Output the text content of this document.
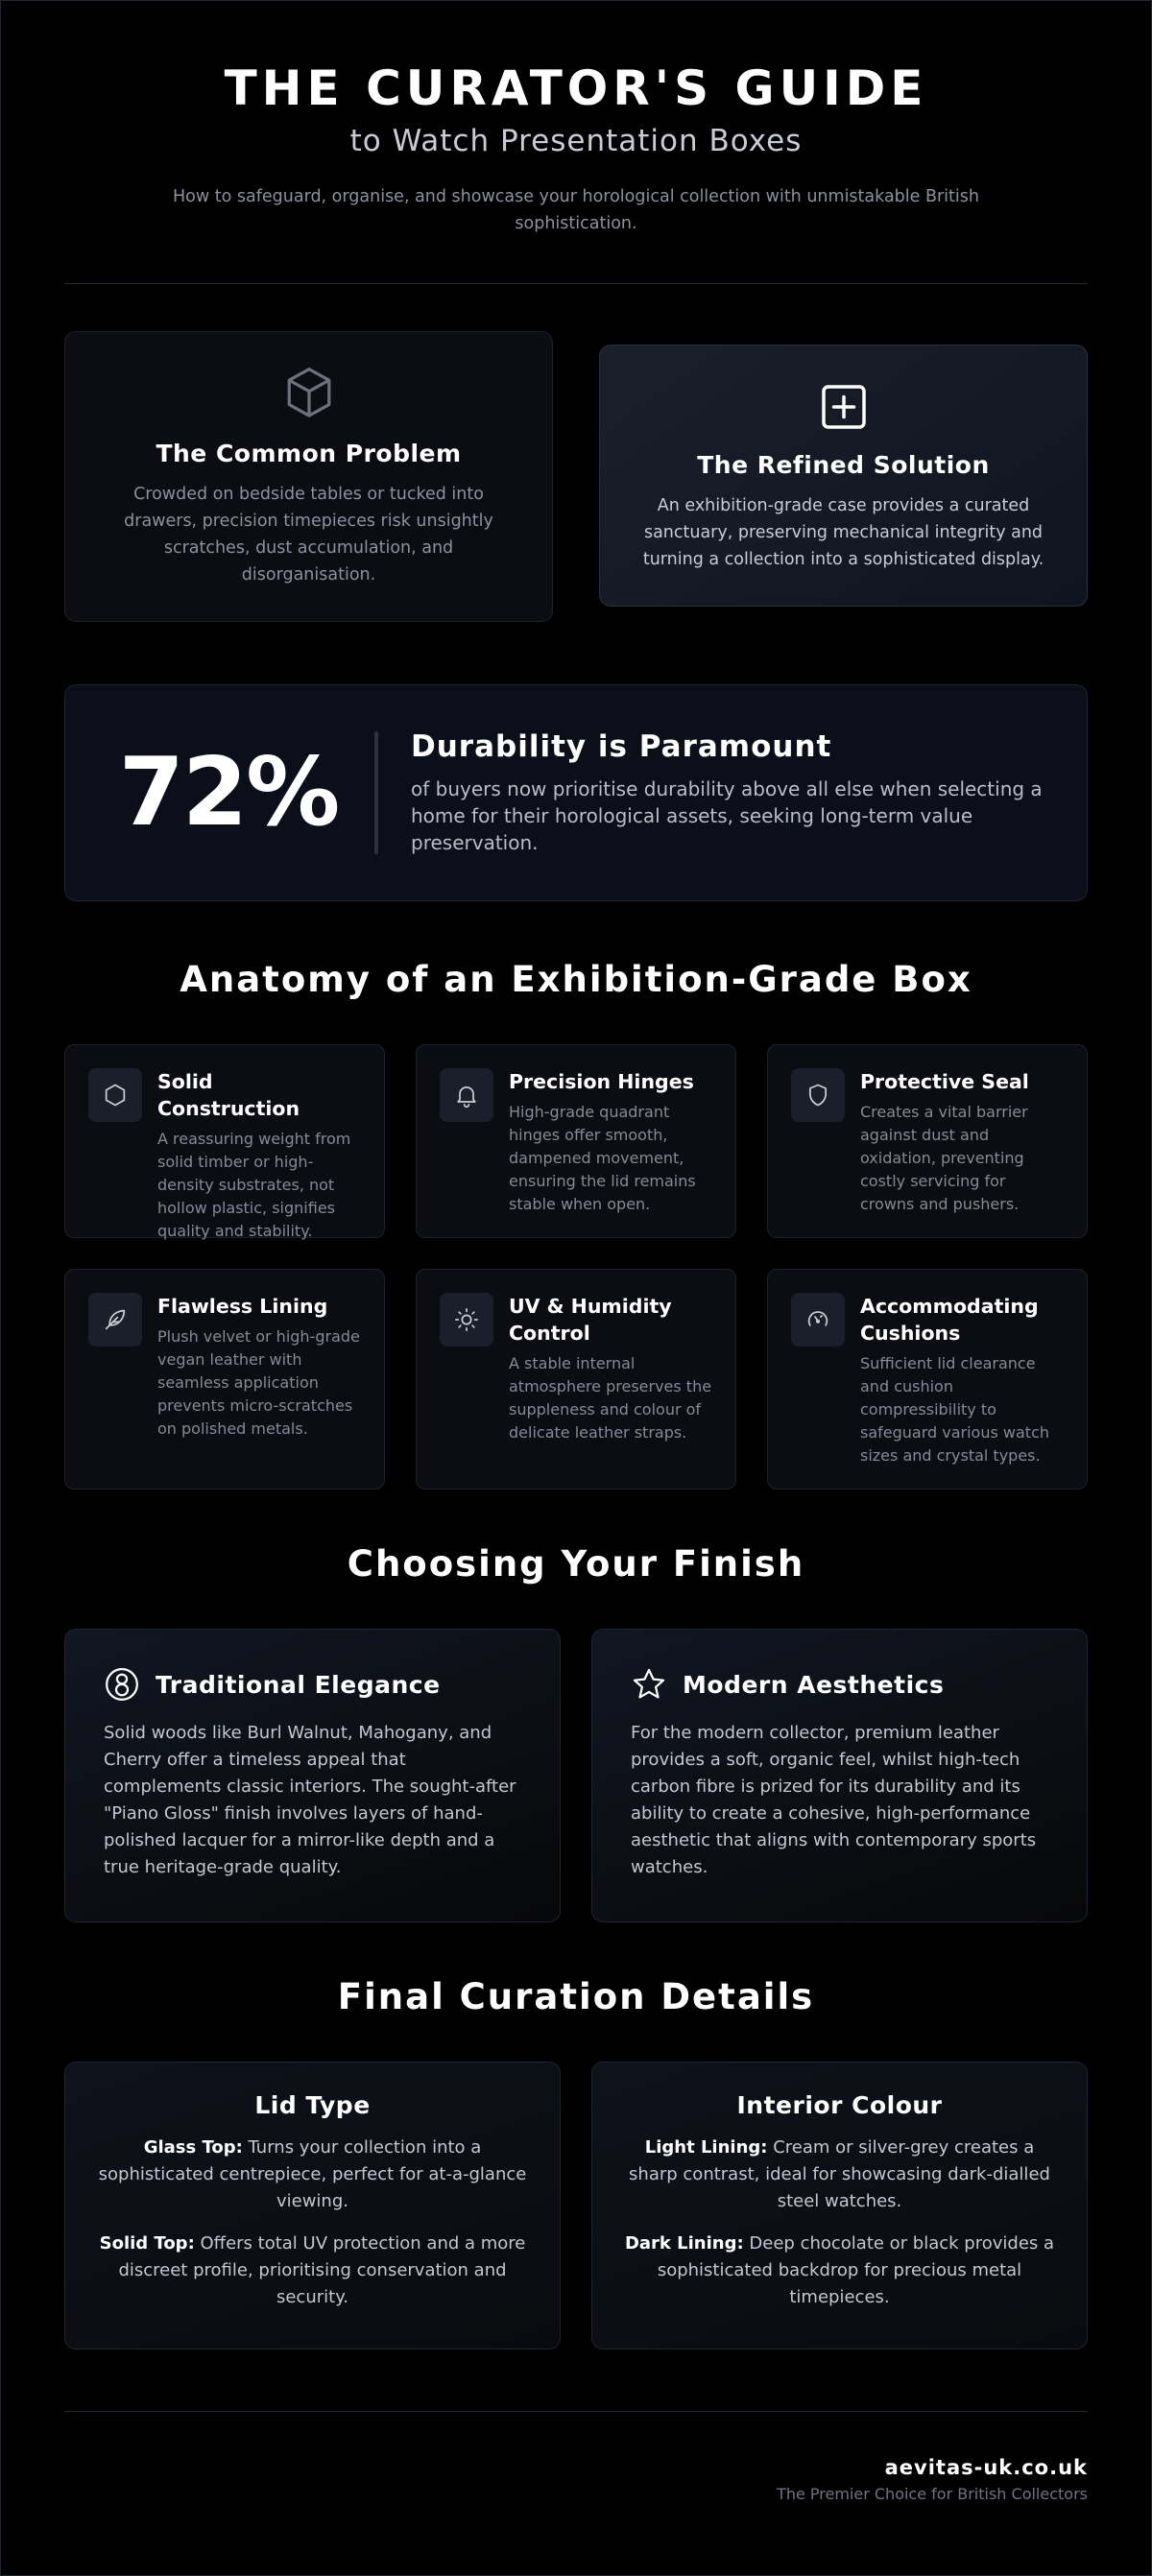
THE CURATOR'S GUIDE
to Watch Presentation Boxes

How to safeguard, organise, and showcase your horological collection with unmistakable British sophistication.

The Common Problem

Crowded on bedside tables or tucked into drawers, precision timepieces risk unsightly scratches, dust accumulation, and disorganisation.

The Refined Solution

An exhibition-grade case provides a curated sanctuary, preserving mechanical integrity and turning a collection into a sophisticated display.

72%	Durability is Paramount

of buyers now prioritise durability above all else when selecting a home for their horological assets, seeking long-term value preservation.

Anatomy of an Exhibition-Grade Box
Solid Construction

A reassuring weight from solid timber or high-density substrates, not hollow plastic, signifies quality and stability.

Precision Hinges

High-grade quadrant hinges offer smooth, dampened movement, ensuring the lid remains stable when open.

Protective Seal

Creates a vital barrier against dust and oxidation, preventing costly servicing for crowns and pushers.

Flawless Lining

Plush velvet or high-grade vegan leather with seamless application prevents micro-scratches on polished metals.

UV & Humidity Control

A stable internal atmosphere preserves the suppleness and colour of delicate leather straps.

Accommodating Cushions

Sufficient lid clearance and cushion compressibility to safeguard various watch sizes and crystal types.

Choosing Your Finish
Traditional Elegance

Solid woods like Burl Walnut, Mahogany, and Cherry offer a timeless appeal that complements classic interiors. The sought-after "Piano Gloss" finish involves layers of hand-polished lacquer for a mirror-like depth and a true heritage-grade quality.

Modern Aesthetics

For the modern collector, premium leather provides a soft, organic feel, whilst high-tech carbon fibre is prized for its durability and its ability to create a cohesive, high-performance aesthetic that aligns with contemporary sports watches.

Final Curation Details
Lid Type

Glass Top: Turns your collection into a sophisticated centrepiece, perfect for at-a-glance viewing.

Solid Top: Offers total UV protection and a more discreet profile, prioritising conservation and security.

Interior Colour

Light Lining: Cream or silver-grey creates a sharp contrast, ideal for showcasing dark-dialled steel watches.

Dark Lining: Deep chocolate or black provides a sophisticated backdrop for precious metal timepieces.

aevitas-uk.co.uk
The Premier Choice for British Collectors
